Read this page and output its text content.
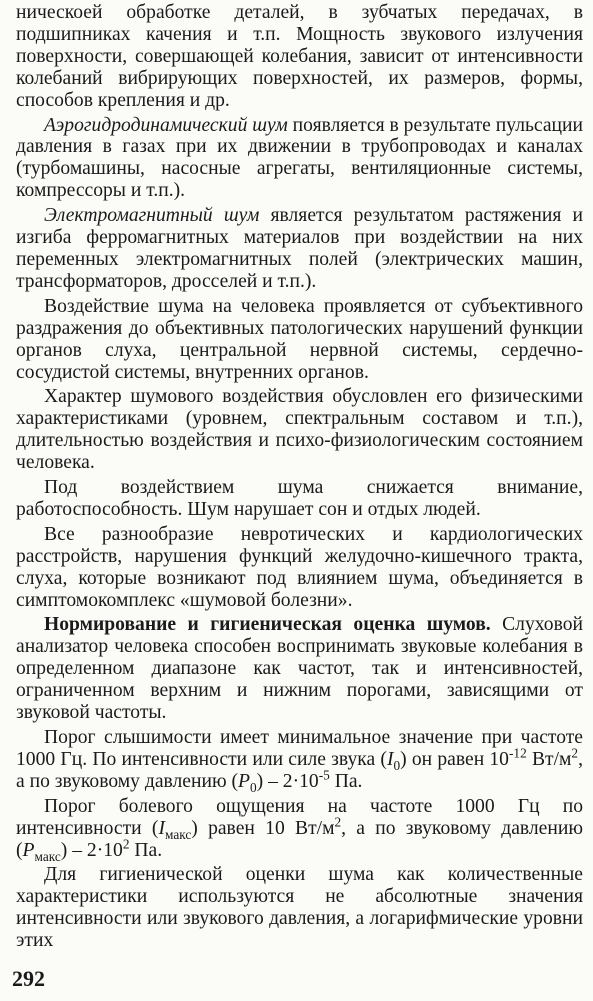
ническоей обработке деталей, в зубчатых передачах, в подшипниках качения и т.п. Мощность звукового излучения поверхности, совершающей колебания, зависит от интенсивности колебаний вибрирующих поверхностей, их размеров, формы, способов крепления и др.

Аэрогидродинамический шум появляется в результате пульсации давления в газах при их движении в трубопроводах и каналах (турбомашины, насосные агрегаты, вентиляционные системы, компрессоры и т.п.).

Электромагнитный шум является результатом растяжения и изгиба ферромагнитных материалов при воздействии на них переменных электромагнитных полей (электрических машин, трансформаторов, дросселей и т.п.).

Воздействие шума на человека проявляется от субъективного раздражения до объективных патологических нарушений функции органов слуха, центральной нервной системы, сердечно-сосудистой системы, внутренних органов.

Характер шумового воздействия обусловлен его физическими характеристиками (уровнем, спектральным составом и т.п.), длительностью воздействия и психо-физиологическим состоянием человека.

Под воздействием шума снижается внимание, работоспособность. Шум нарушает сон и отдых людей.

Все разнообразие невротических и кардиологических расстройств, нарушения функций желудочно-кишечного тракта, слуха, которые возникают под влиянием шума, объединяется в симптомокомплекс «шумовой болезни».

Нормирование и гигиеническая оценка шумов. Слуховой анализатор человека способен воспринимать звуковые колебания в определенном диапазоне как частот, так и интенсивностей, ограниченном верхним и нижним порогами, зависящими от звуковой частоты.

Порог слышимости имеет минимальное значение при частоте 1000 Гц. По интенсивности или силе звука $(I_0)$ он равен $10^{-12}$ $Вт/м^2$, а по звуковому давлению $(P_0) - 2\cdot 10^{-5}$ Па.

Порог болевого ощущения на частоте 1000 Гц по интенсивности $(I_{макс})$ равен 10 $Вт/м^2$, а по звуковому давлению $(P_{макс}) - 2\cdot 10^2$ Па.

Для гигиенической оценки шума как количественные характеристики используются не абсолютные значения интенсивности или звукового давления, а логарифмические уровни этих

292
